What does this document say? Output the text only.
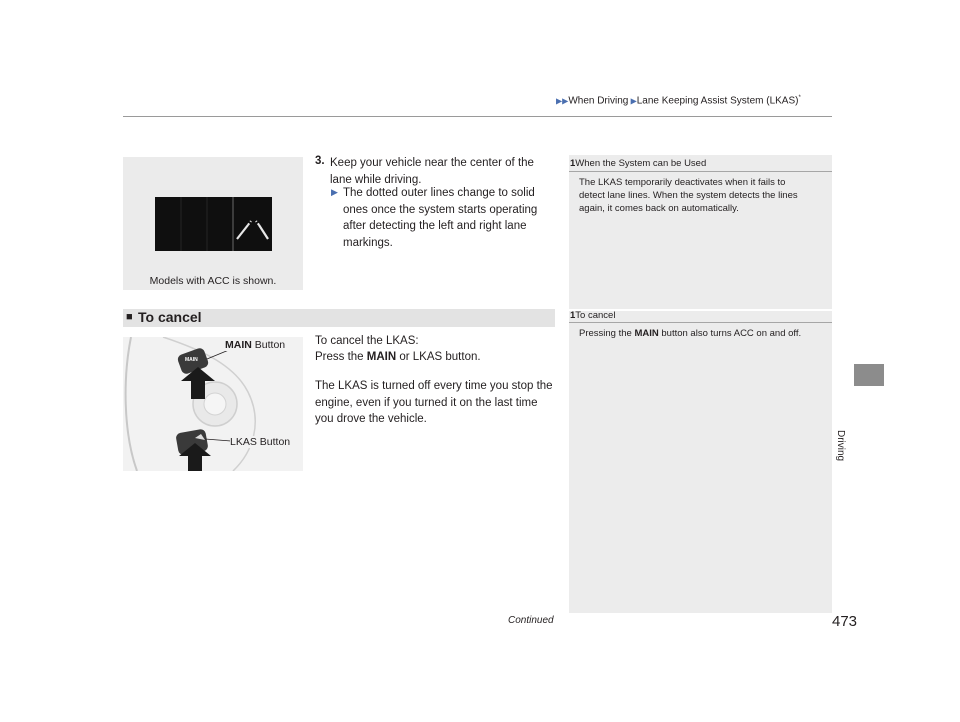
▶▶When Driving ▶Lane Keeping Assist System (LKAS)*
Driving
Models with ACC is shown.
3. Keep your vehicle near the center of the
lane while driving.
▶ The dotted outer lines change to solid
ones once the system starts operating
after detecting the left and right lane
markings.
1When the System can be Used
The LKAS temporarily deactivates when it fails to
detect lane lines. When the system detects the lines
again, it comes back on automatically.
1To cancel
Pressing the MAIN button also turns ACC on and off.
■ To cancel
MAIN
MAIN Button
LKAS Button
To cancel the LKAS:
Press the MAIN or LKAS button.
The LKAS is turned off every time you stop the
engine, even if you turned it on the last time
you drove the vehicle.
Continued	473
